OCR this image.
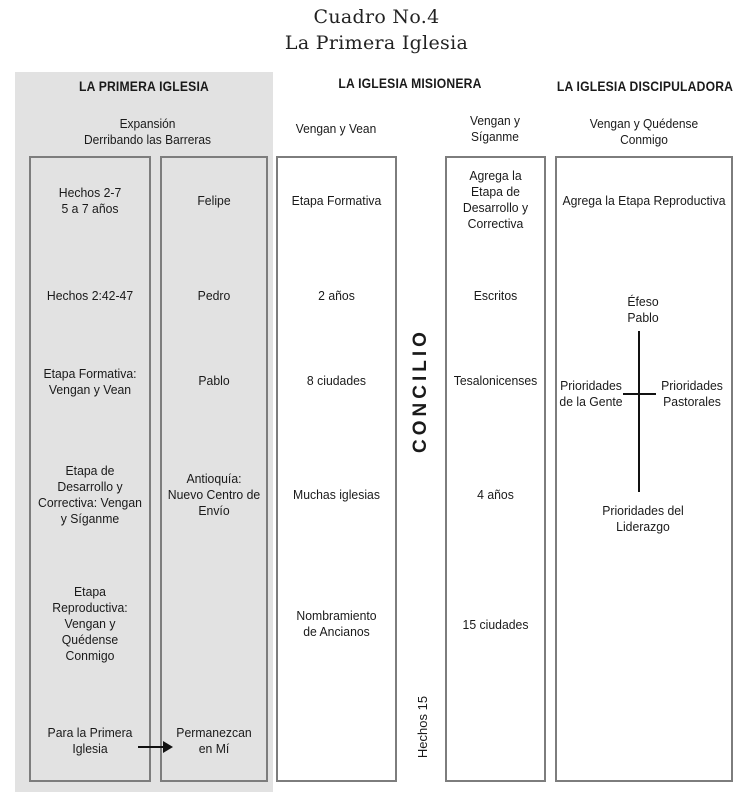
Cuadro No.4
La Primera Iglesia
LA PRIMERA IGLESIA	LA IGLESIA MISIONERA	LA IGLESIA DISCIPULADORA
Expansión
Derribando las Barreras
Vengan y Vean
Vengan y
Síganme
Vengan y Quédense
Conmigo
Hechos 2-7
5 a 7 años
Hechos 2:42-47
Etapa Formativa:
Vengan y Vean
Etapa de
Desarrollo y
Correctiva: Vengan
y Síganme
Etapa
Reproductiva:
Vengan y
Quédense
Conmigo
Para la Primera
Iglesia
Felipe
Pedro
Pablo
Antioquía:
Nuevo Centro de
Envío
Permanezcan
en Mí
Etapa Formativa
2 años
8 ciudades
Muchas iglesias
Nombramiento
de Ancianos
CONCILIO
Hechos 15
Agrega la
Etapa de
Desarrollo y
Correctiva
Escritos
Tesalonicenses
4 años
15 ciudades
Agrega la Etapa Reproductiva
Éfeso
Pablo
Prioridades
de la Gente
Prioridades
Pastorales
Prioridades del
Liderazgo
